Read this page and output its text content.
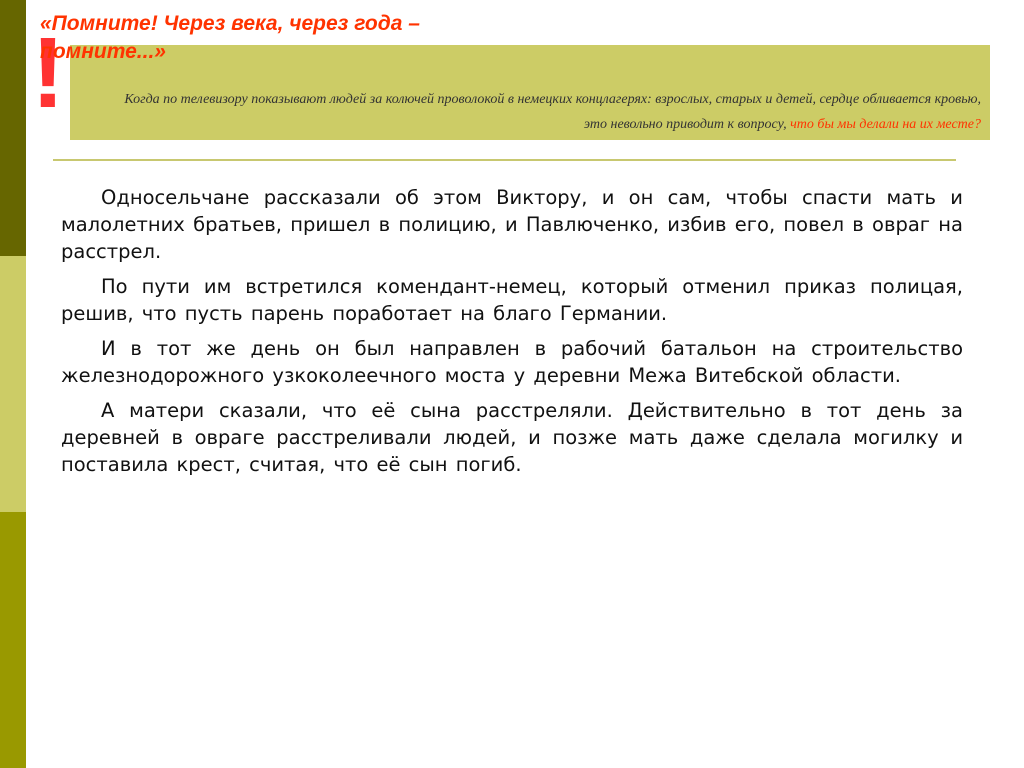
!
«Помните! Через века, через года – помните...»
Когда по телевизору показывают людей за колючей проволокой в немецких концлагерях: взрослых, старых и детей, сердце обливается кровью, это невольно приводит к вопросу, что бы мы делали на их месте?

Односельчане рассказали об этом Виктору, и он сам, чтобы спасти мать и малолетних братьев, пришел в полицию, и Павлюченко, избив его, повел в овраг на расстрел.

По пути им встретился комендант-немец, который отменил приказ полицая, решив, что пусть парень поработает на благо Германии.

И в тот же день он был направлен в рабочий батальон на строительство железнодорожного узкоколеечного моста у деревни Межа Витебской области.

А матери сказали, что её сына расстреляли. Действительно в тот день за деревней в овраге расстреливали людей, и позже мать даже сделала могилку и поставила крест, считая, что её сын погиб.
